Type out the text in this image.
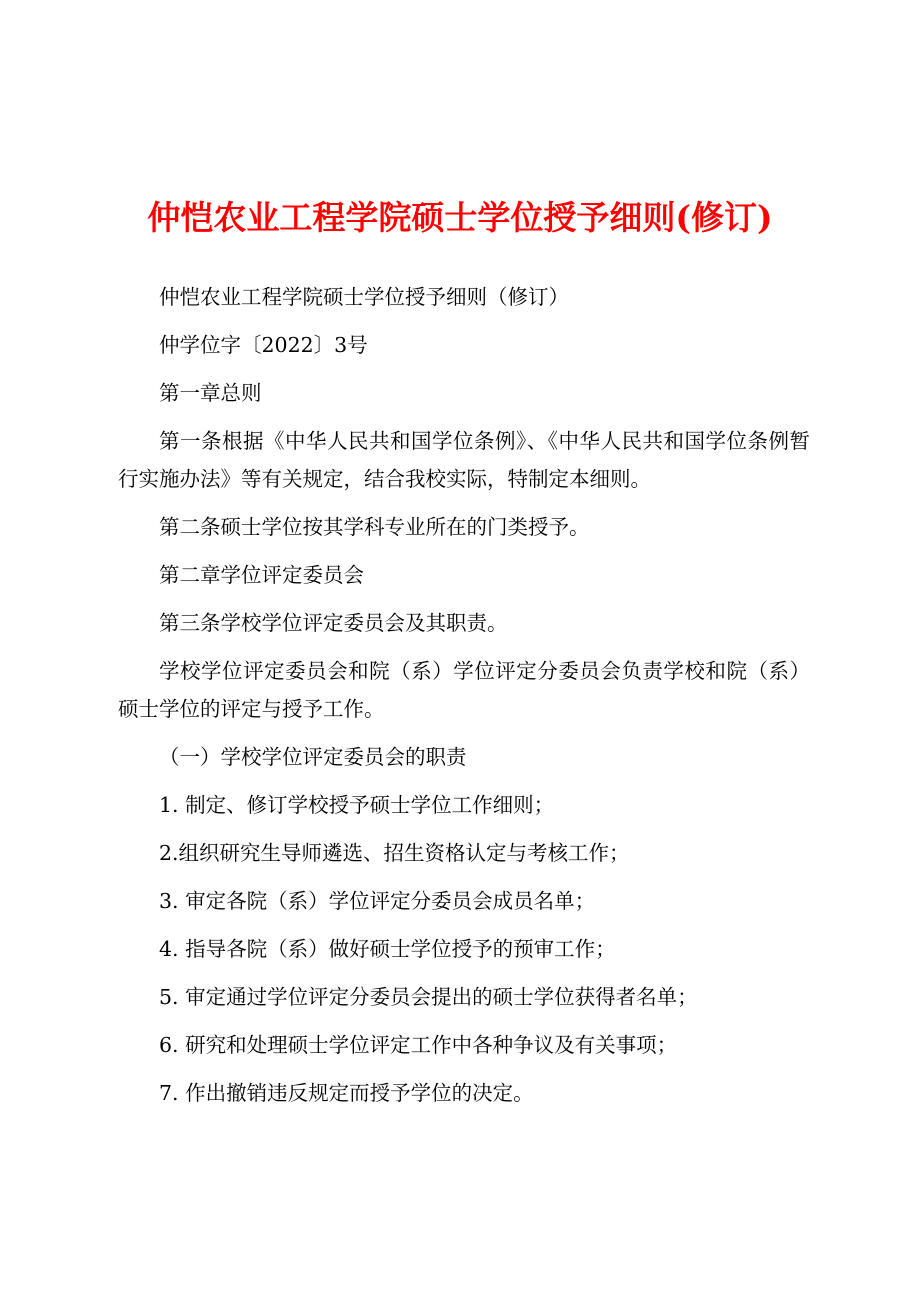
仲恺农业工程学院硕士学位授予细则(修订)

仲恺农业工程学院硕士学位授予细则（修订）

仲学位字〔2022〕3号

第一章总则

第一条根据《中华人民共和国学位条例》、《中华人民共和国学位条例暂行实施办法》等有关规定，结合我校实际，特制定本细则。

第二条硕士学位按其学科专业所在的门类授予。

第二章学位评定委员会

第三条学校学位评定委员会及其职责。

学校学位评定委员会和院（系）学位评定分委员会负责学校和院（系）硕士学位的评定与授予工作。

（一）学校学位评定委员会的职责

1. 制定、修订学校授予硕士学位工作细则；

2.组织研究生导师遴选、招生资格认定与考核工作；

3. 审定各院（系）学位评定分委员会成员名单；

4. 指导各院（系）做好硕士学位授予的预审工作；

5. 审定通过学位评定分委员会提出的硕士学位获得者名单；

6. 研究和处理硕士学位评定工作中各种争议及有关事项；

7. 作出撤销违反规定而授予学位的决定。
